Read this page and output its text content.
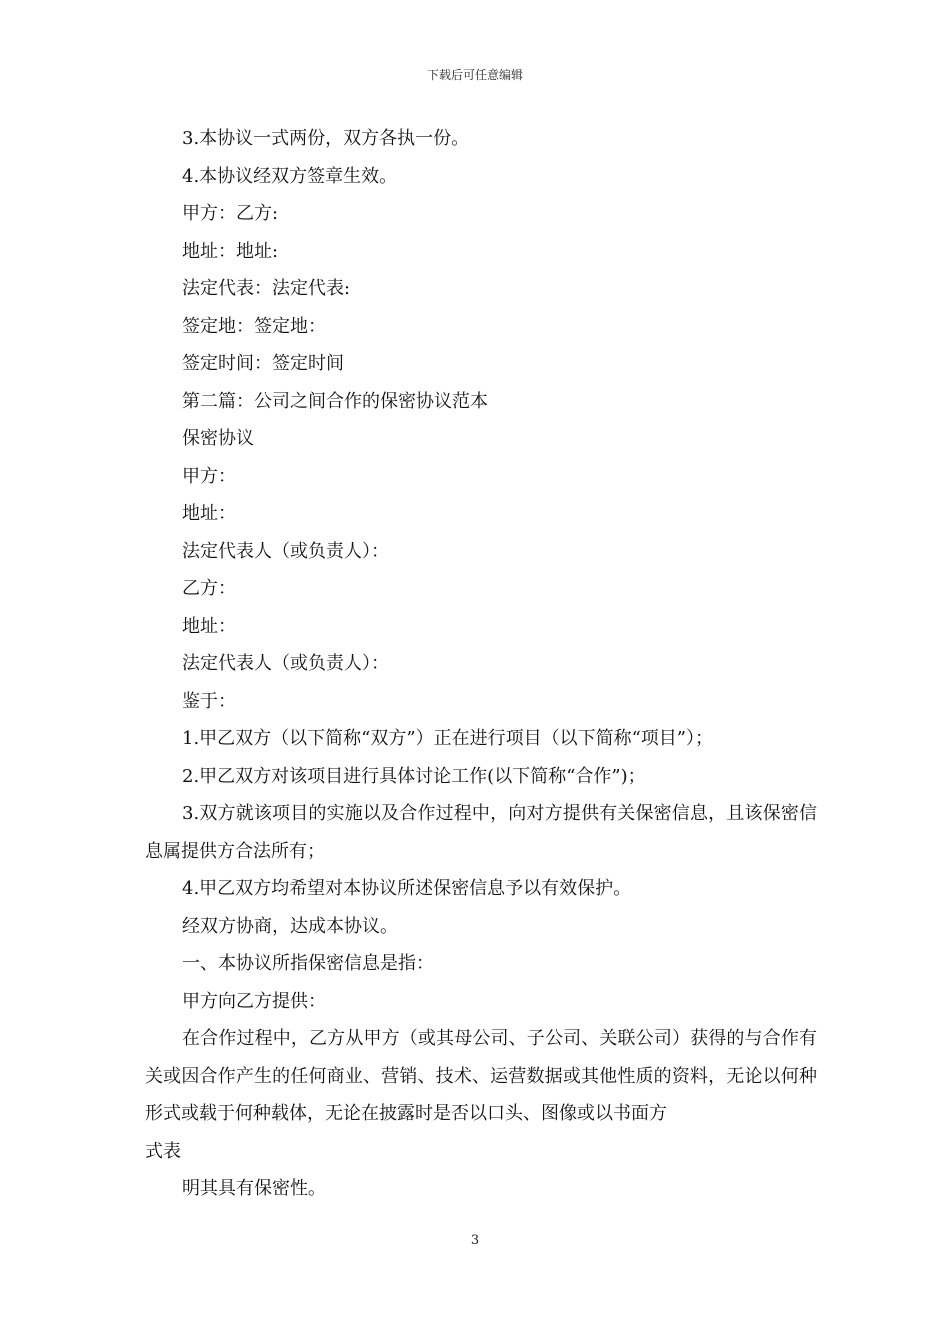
下载后可任意编辑
3.本协议一式两份，双方各执一份。
4.本协议经双方签章生效。
甲方：乙方:
地址：地址:
法定代表：法定代表:
签定地：签定地：
签定时间：签定时间
第二篇：公司之间合作的保密协议范本
保密协议
甲方：
地址：
法定代表人（或负责人）：
乙方：
地址：
法定代表人（或负责人）：
鉴于：
1.甲乙双方（以下简称“双方”）正在进行项目（以下简称“项目”）；
2.甲乙双方对该项目进行具体讨论工作(以下简称“合作”)；
3.双方就该项目的实施以及合作过程中，向对方提供有关保密信息，且该保密信息属提供方合法所有；
4.甲乙双方均希望对本协议所述保密信息予以有效保护。
经双方协商，达成本协议。
一、本协议所指保密信息是指：
甲方向乙方提供：
在合作过程中，乙方从甲方（或其母公司、子公司、关联公司）获得的与合作有关或因合作产生的任何商业、营销、技术、运营数据或其他性质的资料，无论以何种形式或载于何种载体，无论在披露时是否以口头、图像或以书面方
式表
明其具有保密性。
3
